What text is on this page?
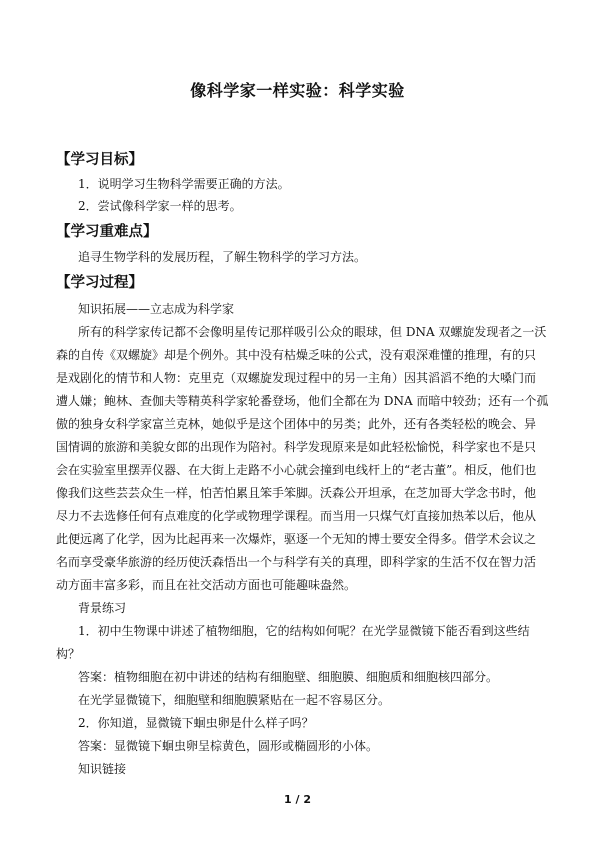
像科学家一样实验：科学实验
【学习目标】
1．说明学习生物科学需要正确的方法。
2．尝试像科学家一样的思考。
【学习重难点】
追寻生物学科的发展历程，了解生物科学的学习方法。
【学习过程】
知识拓展——立志成为科学家
所有的科学家传记都不会像明星传记那样吸引公众的眼球，但 DNA 双螺旋发现者之一沃
森的自传《双螺旋》却是个例外。其中没有枯燥乏味的公式，没有艰深难懂的推理，有的只
是戏剧化的情节和人物：克里克（双螺旋发现过程中的另一主角）因其滔滔不绝的大嗓门而
遭人嫌；鲍林、查伽夫等精英科学家轮番登场，他们全都在为 DNA 而暗中较劲；还有一个孤
傲的独身女科学家富兰克林，她似乎是这个团体中的另类；此外，还有各类轻松的晚会、异
国情调的旅游和美貌女郎的出现作为陪衬。科学发现原来是如此轻松愉悦，科学家也不是只
会在实验室里摆弄仪器、在大街上走路不小心就会撞到电线杆上的“老古董”。相反，他们也
像我们这些芸芸众生一样，怕苦怕累且笨手笨脚。沃森公开坦承，在芝加哥大学念书时，他
尽力不去选修任何有点难度的化学或物理学课程。而当用一只煤气灯直接加热苯以后，他从
此便远离了化学，因为比起再来一次爆炸，驱逐一个无知的博士要安全得多。借学术会议之
名而享受豪华旅游的经历使沃森悟出一个与科学有关的真理，即科学家的生活不仅在智力活
动方面丰富多彩，而且在社交活动方面也可能趣味盎然。
背景练习
1．初中生物课中讲述了植物细胞，它的结构如何呢？在光学显微镜下能否看到这些结
构？
答案：植物细胞在初中讲述的结构有细胞壁、细胞膜、细胞质和细胞核四部分。
在光学显微镜下，细胞壁和细胞膜紧贴在一起不容易区分。
2．你知道，显微镜下蛔虫卵是什么样子吗？
答案：显微镜下蛔虫卵呈棕黄色，圆形或椭圆形的小体。
知识链接
1 / 2
